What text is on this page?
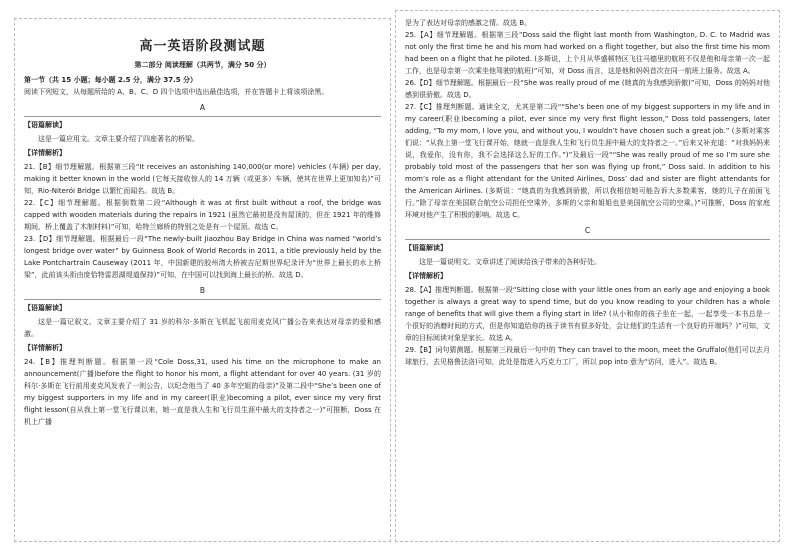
高一英语阶段测试题
第二部分 阅读理解（共两节，满分 50 分）

第一节（共 15 小题；每小题 2.5 分，满分 37.5 分）

阅读下列短文，从每题所给的 A、B、C、D 四个选项中选出最佳选项，并在答题卡上将该项涂黑。

A

【语篇解读】

这是一篇应用文。文章主要介绍了四座著名的桥梁。

【详情解析】

21.【B】细节理解题。根据第三段“It receives an astonishing 140,000(or more) vehicles (车辆) per day, making it better known in the world (它每天接收惊人的 14 万辆（或更多）车辆，使其在世界上更加知名)”可知，Rio-Niterói Bridge 以繁忙而闻名。故选 B。

22.【C】细节理解题。根据倒数第二段“Although it was at first built without a roof, the bridge was capped with wooden materials during the repairs in 1921 (虽然它最初是没有屋顶的，但在 1921 年的维修期间，桥上覆盖了木制材料)”可知，哈特兰廊桥的特别之处是有一个屋顶。故选 C。

23.【D】细节理解题。根据最后一段“The newly-built Jiaozhou Bay Bridge in China was named “world’s longest bridge over water” by Guinness Book of World Records in 2011, a title previously held by the Lake Pontchartrain Causeway (2011 年，中国新建的胶州湾大桥被吉尼斯世界纪录评为“世界上最长的水上桥梁”，此前该头衔由庞恰特雷恩湖堤道保持)”可知，在中国可以找到海上最长的桥。故选 D。

B

【语篇解读】

这是一篇记叙文。文章主要介绍了 31 岁的科尔·多斯在飞机起飞前用麦克风广播公告来表达对母亲的爱和感激。

【详情解析】

24.【B】推理判断题。根据第一段“Cole Doss,31, used his time on the microphone to make an announcement(广播)before the flight to honor his mom, a flight attendant for over 40 years. (31 岁的科尔·多斯在飞行前用麦克风发表了一则公告，以纪念他当了 40 多年空姐的母亲)”及第二段中“She’s been one of my biggest supporters in my life and in my career(职业)becoming a pilot, ever since my very first flight lesson(自从我上第一堂飞行课以来，她一直是我人生和飞行员生涯中最大的支持者之一)”可推断，Doss 在机上广播

是为了表达对母亲的感激之情。故选 B。

25.【A】细节理解题。根据第三段“Doss said the flight last month from Washington, D. C. to Madrid was not only the first time he and his mom had worked on a flight together, but also the first time his mom had been on a flight that he piloted. (多斯说，上个月从华盛顿特区飞往马德里的航班不仅是他和母亲第一次一起工作，也是母亲第一次乘坐他驾驶的航班)”可知，对 Doss 而言，这是他和妈妈首次在同一航班上服务。故选 A。

26.【D】细节理解题。根据最后一段“She was really proud of me (她真的为我感到骄傲)”可知，Doss 的妈妈对他感到很骄傲。故选 D。

27.【C】推理判断题。通读全文，尤其是第二段““She’s been one of my biggest supporters in my life and in my career(职业)becoming a pilot, ever since my very first flight lesson,” Doss told passengers, later adding, “To my mom, I love you, and without you, I wouldn’t have chosen such a great job.” (多斯对乘客们说：“从我上第一堂飞行课开始，她就一直是我人生和飞行员生涯中最大的支持者之一。”后来又补充道：“对我妈妈来说，我爱你，没有你，我不会选择这么好的工作。”)”及最后一段““She was really proud of me so I’m sure she probably told most of the passengers that her son was flying up front,” Doss said. In addition to his mom’s role as a flight attendant for the United Airlines, Doss’ dad and sister are flight attendants for the American Airlines. (多斯说：“她真的为我感到骄傲，所以我相信她可能告诉大多数乘客，她的儿子在前面飞行。”除了母亲在美国联合航空公司担任空乘外，多斯的父亲和姐姐也是美国航空公司的空乘。)”可推断，Doss 的家庭环境对他产生了积极的影响。故选 C。

C

【语篇解读】

这是一篇说明文。文章讲述了阅读给孩子带来的各种好处。

【详情解析】

28.【A】推理判断题。根据第一段“Sitting close with your little ones from an early age and enjoying a book together is always a great way to spend time, but do you know reading to your children has a whole range of benefits that will give them a flying start in life? (从小和你的孩子坐在一起，一起享受一本书总是一个很好的消磨时间的方式，但是你知道给你的孩子读书有很多好处，会让他们的生活有一个良好的开端吗？)”可知，文章的目标阅读对象是家长。故选 A。

29.【B】词句猜测题。根据第三段最后一句中的 They can travel to the moon, meet the Gruffalo(他们可以去月球旅行，去见格鲁法洛)可知，此处是指进入巧克力工厂，所以 pop into 意为“访问，进入”。故选 B。
